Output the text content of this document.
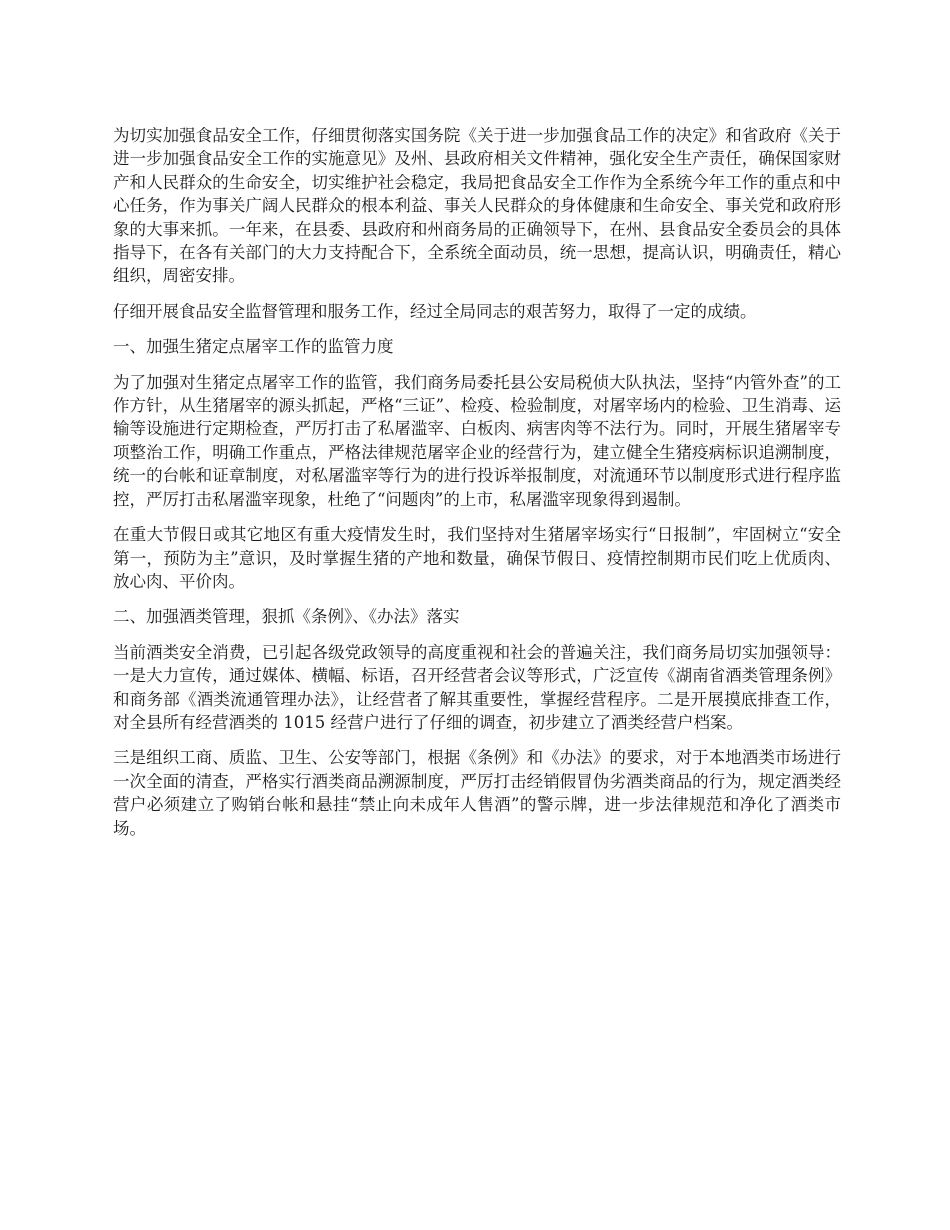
为切实加强食品安全工作，仔细贯彻落实国务院《关于进一步加强食品工作的决定》和省政府《关于进一步加强食品安全工作的实施意见》及州、县政府相关文件精神，强化安全生产责任，确保国家财产和人民群众的生命安全，切实维护社会稳定，我局把食品安全工作作为全系统今年工作的重点和中心任务，作为事关广阔人民群众的根本利益、事关人民群众的身体健康和生命安全、事关党和政府形象的大事来抓。一年来，在县委、县政府和州商务局的正确领导下，在州、县食品安全委员会的具体指导下，在各有关部门的大力支持配合下，全系统全面动员，统一思想，提高认识，明确责任，精心组织，周密安排。

仔细开展食品安全监督管理和服务工作，经过全局同志的艰苦努力，取得了一定的成绩。

一、加强生猪定点屠宰工作的监管力度

为了加强对生猪定点屠宰工作的监管，我们商务局委托县公安局税侦大队执法，坚持“内管外查”的工作方针，从生猪屠宰的源头抓起，严格“三证”、检疫、检验制度，对屠宰场内的检验、卫生消毒、运输等设施进行定期检查，严厉打击了私屠滥宰、白板肉、病害肉等不法行为。同时，开展生猪屠宰专项整治工作，明确工作重点，严格法律规范屠宰企业的经营行为，建立健全生猪疫病标识追溯制度，统一的台帐和证章制度，对私屠滥宰等行为的进行投诉举报制度，对流通环节以制度形式进行程序监控，严厉打击私屠滥宰现象，杜绝了“问题肉”的上市，私屠滥宰现象得到遏制。

在重大节假日或其它地区有重大疫情发生时，我们坚持对生猪屠宰场实行“日报制”，牢固树立“安全第一，预防为主”意识，及时掌握生猪的产地和数量，确保节假日、疫情控制期市民们吃上优质肉、放心肉、平价肉。

二、加强酒类管理，狠抓《条例》、《办法》落实

当前酒类安全消费，已引起各级党政领导的高度重视和社会的普遍关注，我们商务局切实加强领导：一是大力宣传，通过媒体、横幅、标语，召开经营者会议等形式，广泛宣传《湖南省酒类管理条例》和商务部《酒类流通管理办法》，让经营者了解其重要性，掌握经营程序。二是开展摸底排查工作，对全县所有经营酒类的 1015 经营户进行了仔细的调查，初步建立了酒类经营户档案。

三是组织工商、质监、卫生、公安等部门，根据《条例》和《办法》的要求，对于本地酒类市场进行一次全面的清查，严格实行酒类商品溯源制度，严厉打击经销假冒伪劣酒类商品的行为，规定酒类经营户必须建立了购销台帐和悬挂“禁止向未成年人售酒”的警示牌，进一步法律规范和净化了酒类市场。
